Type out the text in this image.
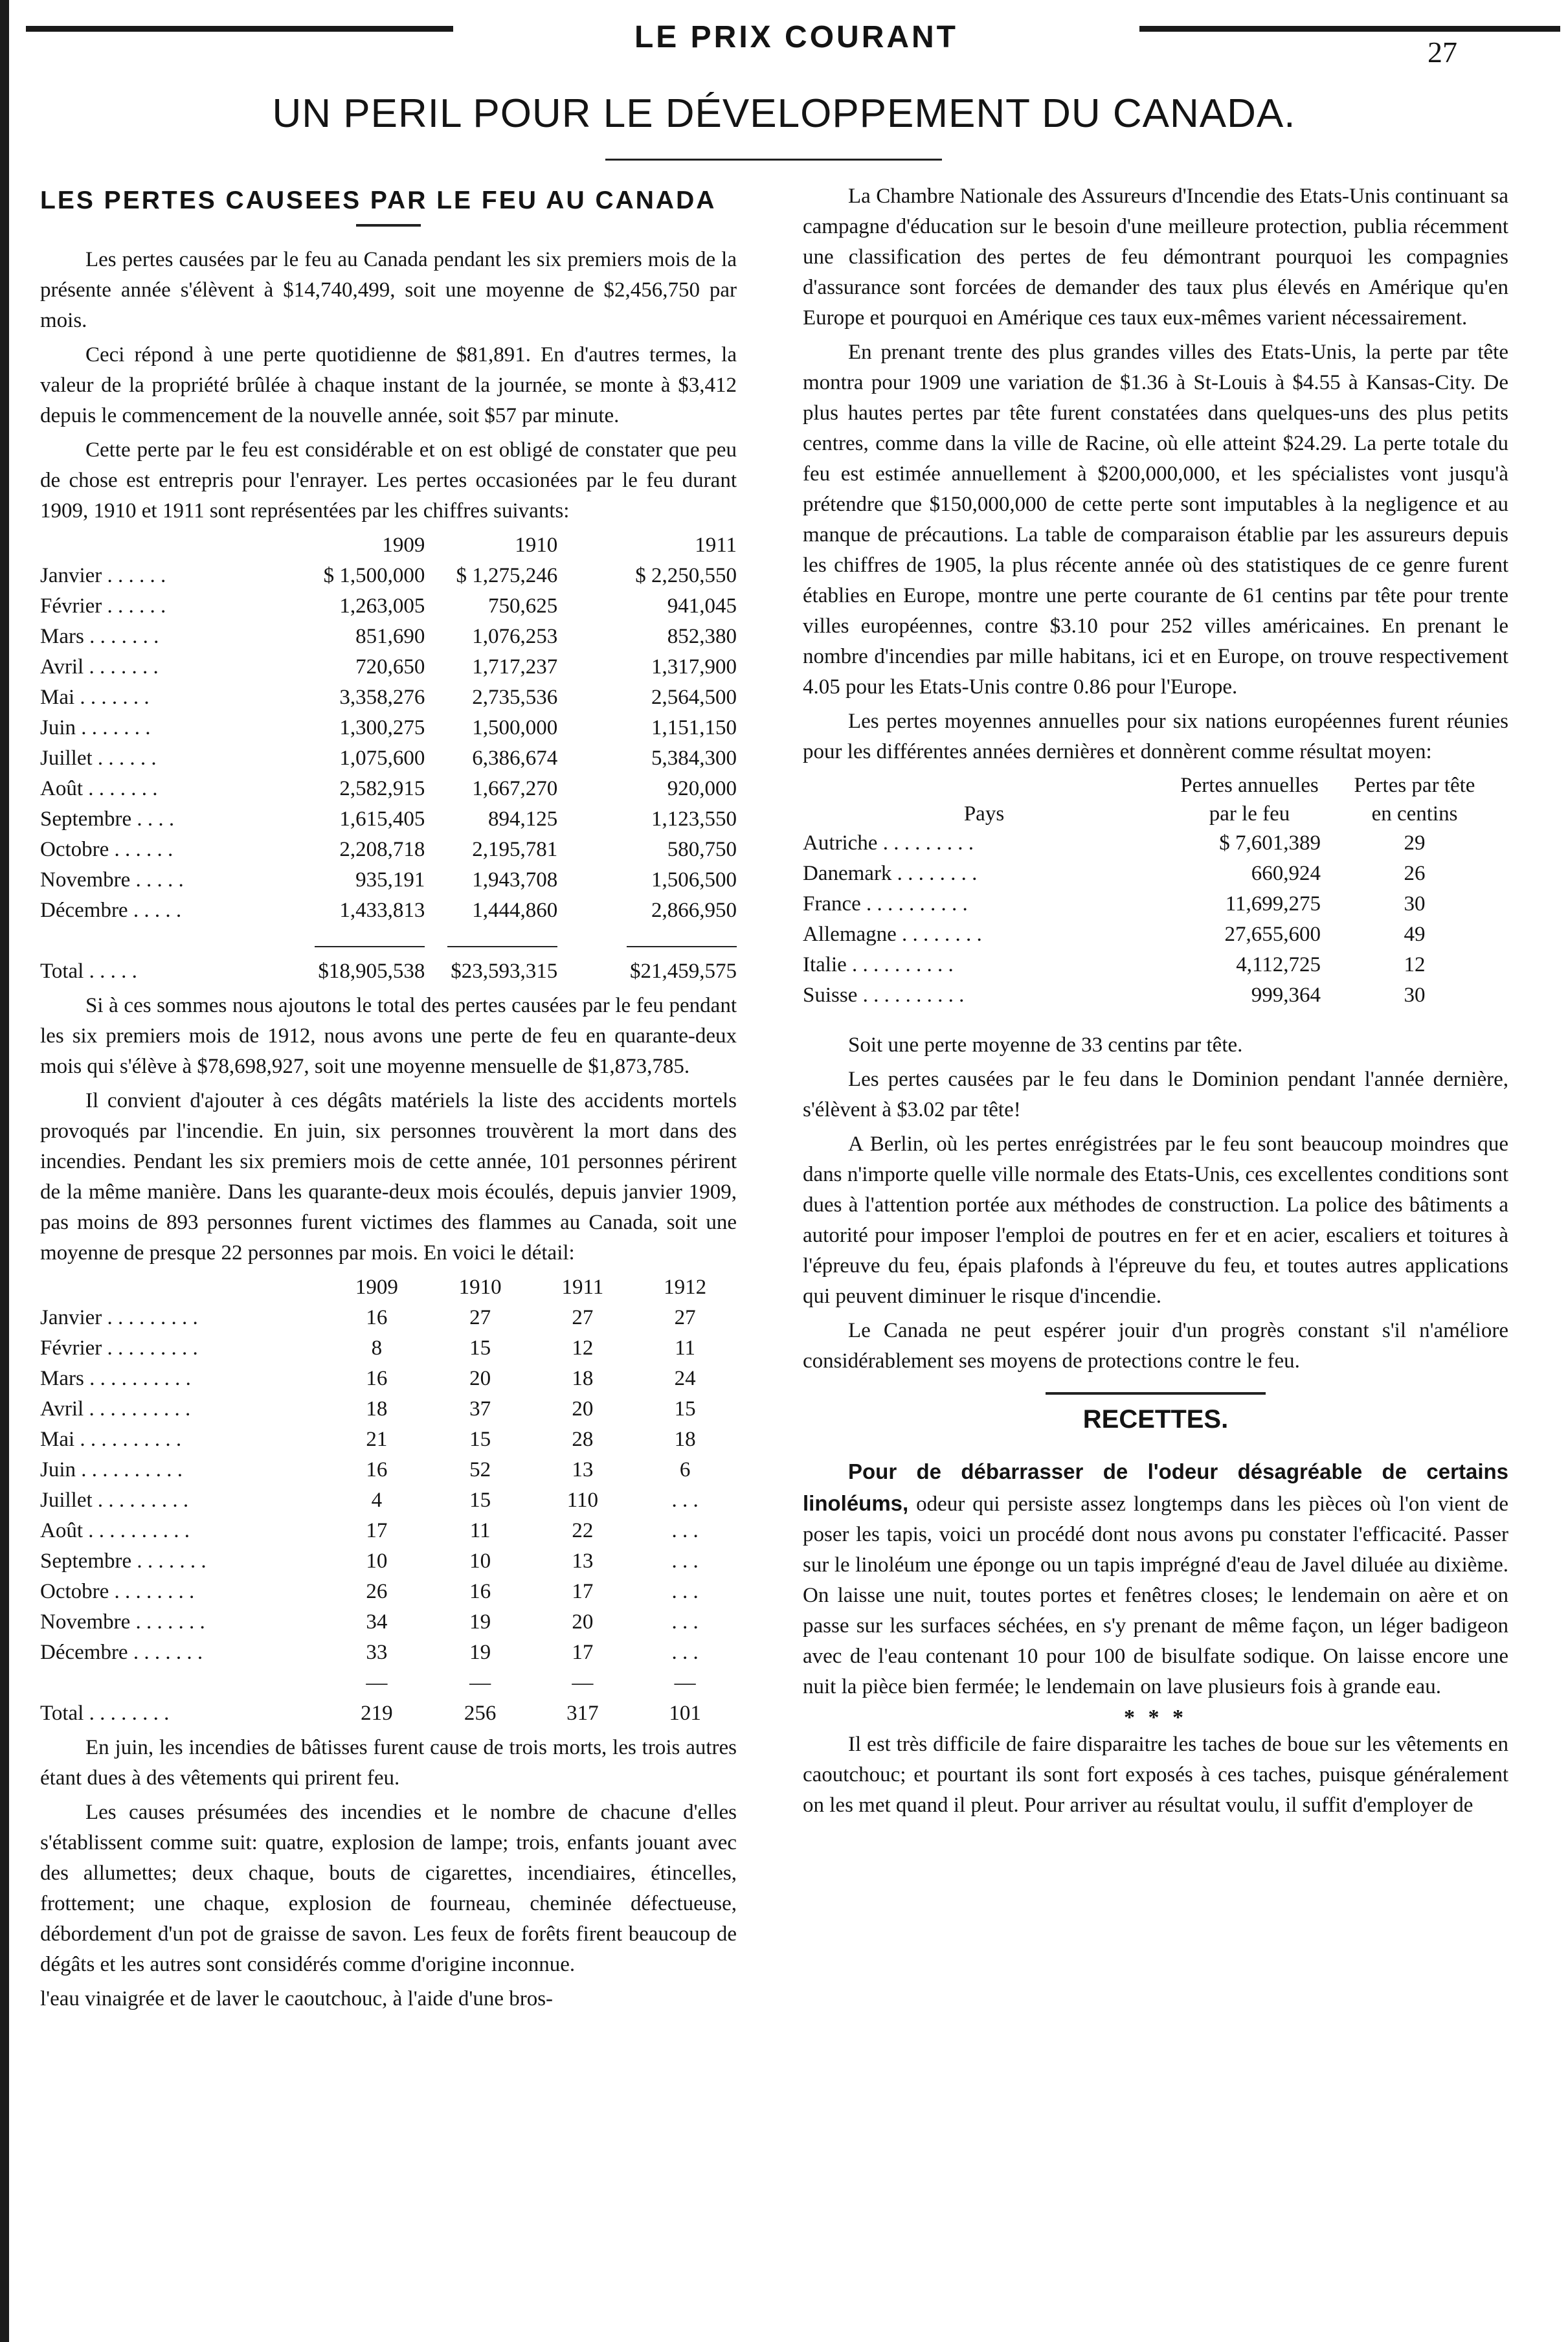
LE PRIX COURANT	27
UN PERIL POUR LE DÉVELOPPEMENT DU CANADA.
LES PERTES CAUSEES PAR LE FEU AU CANADA

Les pertes causées par le feu au Canada pendant les six premiers mois de la présente année s'élèvent à $14,740,499, soit une moyenne de $2,456,750 par mois.

Ceci répond à une perte quotidienne de $81,891. En d'autres termes, la valeur de la propriété brûlée à chaque instant de la journée, se monte à $3,412 depuis le commencement de la nouvelle année, soit $57 par minute.

Cette perte par le feu est considérable et on est obligé de constater que peu de chose est entrepris pour l'enrayer. Les pertes occasionées par le feu durant 1909, 1910 et 1911 sont représentées par les chiffres suivants:

	1909	1910	1911
Janvier . . . . . .	$ 1,500,000	$ 1,275,246	$ 2,250,550
Février . . . . . .	1,263,005	750,625	941,045
Mars . . . . . . .	851,690	1,076,253	852,380
Avril . . . . . . .	720,650	1,717,237	1,317,900
Mai . . . . . . .	3,358,276	2,735,536	2,564,500
Juin . . . . . . .	1,300,275	1,500,000	1,151,150
Juillet . . . . . .	1,075,600	6,386,674	5,384,300
Août . . . . . . .	2,582,915	1,667,270	920,000
Septembre . . . .	1,615,405	894,125	1,123,550
Octobre . . . . . .	2,208,718	2,195,781	580,750
Novembre . . . . .	935,191	1,943,708	1,506,500
Décembre . . . . .	1,433,813	1,444,860	2,866,950

Total . . . . .	$18,905,538	$23,593,315	$21,459,575

Si à ces sommes nous ajoutons le total des pertes causées par le feu pendant les six premiers mois de 1912, nous avons une perte de feu en quarante-deux mois qui s'élève à $78,698,927, soit une moyenne mensuelle de $1,873,785.

Il convient d'ajouter à ces dégâts matériels la liste des accidents mortels provoqués par l'incendie. En juin, six personnes trouvèrent la mort dans des incendies. Pendant les six premiers mois de cette année, 101 personnes périrent de la même manière. Dans les quarante-deux mois écoulés, depuis janvier 1909, pas moins de 893 personnes furent victimes des flammes au Canada, soit une moyenne de presque 22 personnes par mois. En voici le détail:

	1909	1910	1911	1912
Janvier . . . . . . . . .	16	27	27	27
Février . . . . . . . . .	8	15	12	11
Mars . . . . . . . . . .	16	20	18	24
Avril . . . . . . . . . .	18	37	20	15
Mai . . . . . . . . . .	21	15	28	18
Juin . . . . . . . . . .	16	52	13	6
Juillet . . . . . . . . .	4	15	110	. . .
Août . . . . . . . . . .	17	11	22	. . .
Septembre . . . . . . .	10	10	13	. . .
Octobre . . . . . . . .	26	16	17	. . .
Novembre . . . . . . .	34	19	20	. . .
Décembre . . . . . . .	33	19	17	. . .
	—	—	—	—
Total . . . . . . . .	219	256	317	101

En juin, les incendies de bâtisses furent cause de trois morts, les trois autres étant dues à des vêtements qui prirent feu.

Les causes présumées des incendies et le nombre de chacune d'elles s'établissent comme suit: quatre, explosion de lampe; trois, enfants jouant avec des allumettes; deux chaque, bouts de cigarettes, incendiaires, étincelles, frottement; une chaque, explosion de fourneau, cheminée défectueuse, débordement d'un pot de graisse de savon. Les feux de forêts firent beaucoup de dégâts et les autres sont considérés comme d'origine inconnue.

l'eau vinaigrée et de laver le caoutchouc, à l'aide d'une bros-

La Chambre Nationale des Assureurs d'Incendie des Etats-Unis continuant sa campagne d'éducation sur le besoin d'une meilleure protection, publia récemment une classification des pertes de feu démontrant pourquoi les compagnies d'assurance sont forcées de demander des taux plus élevés en Amérique qu'en Europe et pourquoi en Amérique ces taux eux-mêmes varient nécessairement.

En prenant trente des plus grandes villes des Etats-Unis, la perte par tête montra pour 1909 une variation de $1.36 à St-Louis à $4.55 à Kansas-City. De plus hautes pertes par tête furent constatées dans quelques-uns des plus petits centres, comme dans la ville de Racine, où elle atteint $24.29. La perte totale du feu est estimée annuellement à $200,000,000, et les spécialistes vont jusqu'à prétendre que $150,000,000 de cette perte sont imputables à la negligence et au manque de précautions. La table de comparaison établie par les assureurs depuis les chiffres de 1905, la plus récente année où des statistiques de ce genre furent établies en Europe, montre une perte courante de 61 centins par tête pour trente villes européennes, contre $3.10 pour 252 villes américaines. En prenant le nombre d'incendies par mille habitans, ici et en Europe, on trouve respectivement 4.05 pour les Etats-Unis contre 0.86 pour l'Europe.

Les pertes moyennes annuelles pour six nations européennes furent réunies pour les différentes années dernières et donnèrent comme résultat moyen:

	Pertes annuelles	Pertes par tête
Pays	par le feu	en centins
Autriche . . . . . . . . .	$ 7,601,389	29
Danemark . . . . . . . .	660,924	26
France . . . . . . . . . .	11,699,275	30
Allemagne . . . . . . . .	27,655,600	49
Italie . . . . . . . . . .	4,112,725	12
Suisse . . . . . . . . . .	999,364	30

Soit une perte moyenne de 33 centins par tête.

Les pertes causées par le feu dans le Dominion pendant l'année dernière, s'élèvent à $3.02 par tête!

A Berlin, où les pertes enrégistrées par le feu sont beaucoup moindres que dans n'importe quelle ville normale des Etats-Unis, ces excellentes conditions sont dues à l'attention portée aux méthodes de construction. La police des bâtiments a autorité pour imposer l'emploi de poutres en fer et en acier, escaliers et toitures à l'épreuve du feu, épais plafonds à l'épreuve du feu, et toutes autres applications qui peuvent diminuer le risque d'incendie.

Le Canada ne peut espérer jouir d'un progrès constant s'il n'améliore considérablement ses moyens de protections contre le feu.

RECETTES.

Pour de débarrasser de l'odeur désagréable de certains linoléums, odeur qui persiste assez longtemps dans les pièces où l'on vient de poser les tapis, voici un procédé dont nous avons pu constater l'efficacité. Passer sur le linoléum une éponge ou un tapis imprégné d'eau de Javel diluée au dixième. On laisse une nuit, toutes portes et fenêtres closes; le lendemain on aère et on passe sur les surfaces séchées, en s'y prenant de même façon, un léger badigeon avec de l'eau contenant 10 pour 100 de bisulfate sodique. On laisse encore une nuit la pièce bien fermée; le lendemain on lave plusieurs fois à grande eau.

* * *

Il est très difficile de faire disparaitre les taches de boue sur les vêtements en caoutchouc; et pourtant ils sont fort exposés à ces taches, puisque généralement on les met quand il pleut. Pour arriver au résultat voulu, il suffit d'employer de
